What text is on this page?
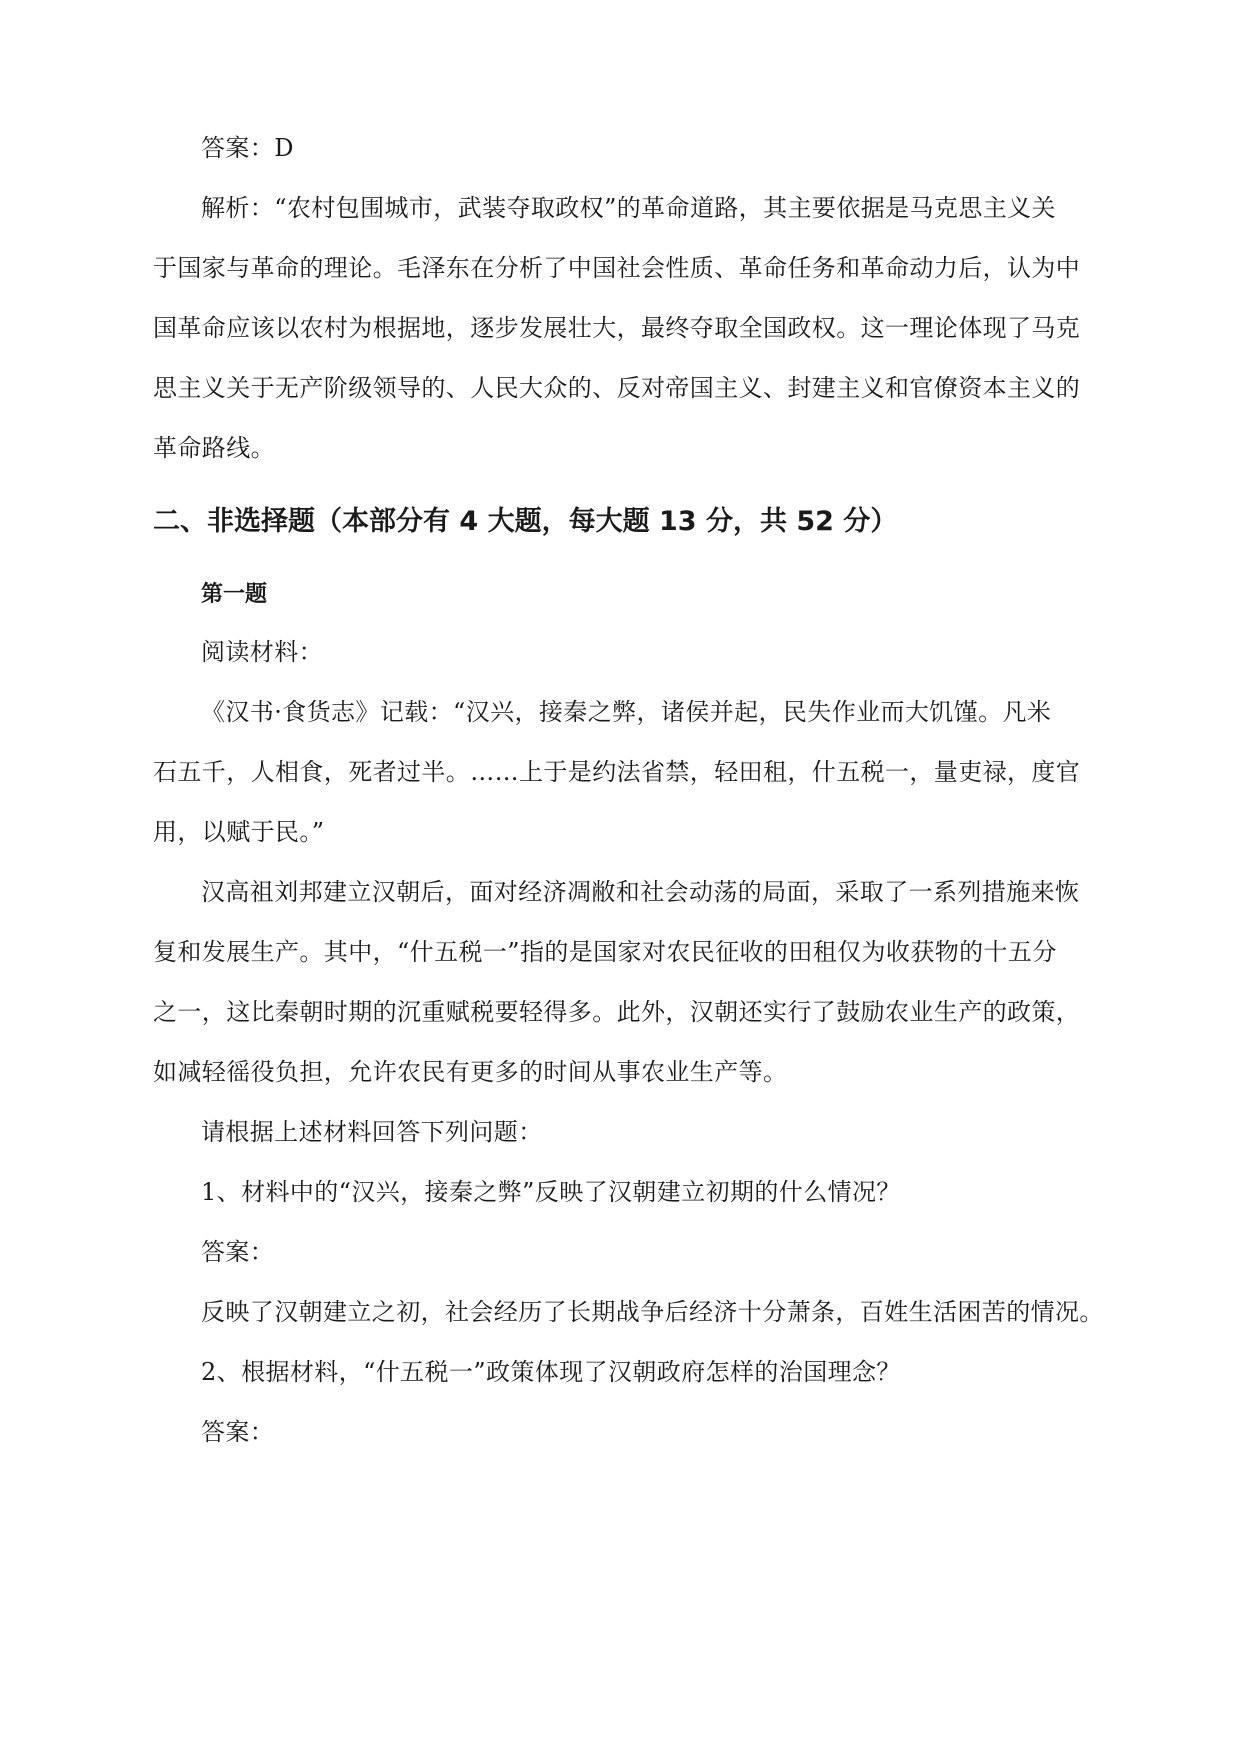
答案：D
解析：“农村包围城市，武装夺取政权”的革命道路，其主要依据是马克思主义关
于国家与革命的理论。毛泽东在分析了中国社会性质、革命任务和革命动力后，认为中
国革命应该以农村为根据地，逐步发展壮大，最终夺取全国政权。这一理论体现了马克
思主义关于无产阶级领导的、人民大众的、反对帝国主义、封建主义和官僚资本主义的
革命路线。
二、非选择题（本部分有 4 大题，每大题 13 分，共 52 分）
第一题
阅读材料：
《汉书·食货志》记载：“汉兴，接秦之弊，诸侯并起，民失作业而大饥馑。凡米
石五千，人相食，死者过半。……上于是约法省禁，轻田租，什五税一，量吏禄，度官
用，以赋于民。”
汉高祖刘邦建立汉朝后，面对经济凋敝和社会动荡的局面，采取了一系列措施来恢
复和发展生产。其中，“什五税一”指的是国家对农民征收的田租仅为收获物的十五分
之一，这比秦朝时期的沉重赋税要轻得多。此外，汉朝还实行了鼓励农业生产的政策，
如减轻徭役负担，允许农民有更多的时间从事农业生产等。
请根据上述材料回答下列问题：
1、材料中的“汉兴，接秦之弊”反映了汉朝建立初期的什么情况？
答案：
反映了汉朝建立之初，社会经历了长期战争后经济十分萧条，百姓生活困苦的情况。
2、根据材料，“什五税一”政策体现了汉朝政府怎样的治国理念？
答案：
